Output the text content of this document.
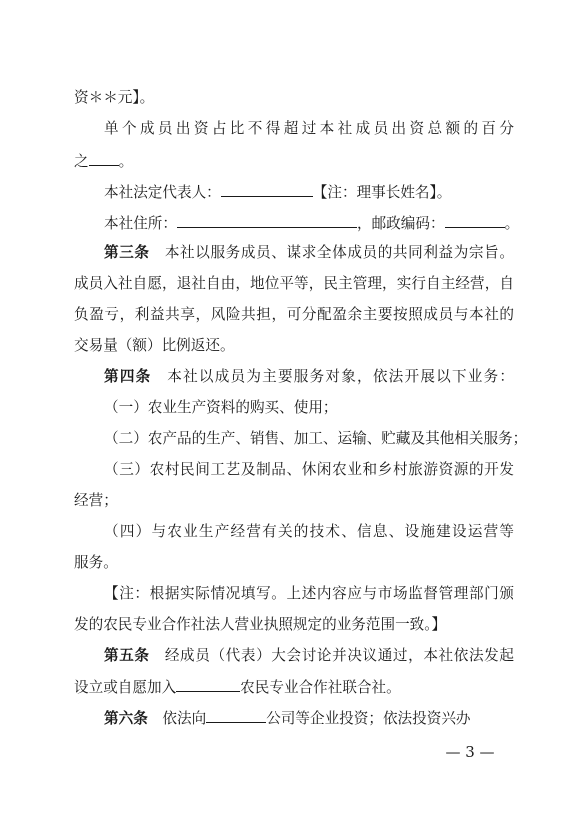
资＊＊元】。
单个成员出资占比不得超过本社成员出资总额的百分
之 。
本社法定代表人：	【注：理事长姓名】。
本社住所：	，邮政编码：	。
第三条　 本社以服务成员、谋求全体成员的共同利益为宗旨。
成员入社自愿，退社自由，地位平等，民主管理，实行自主经营，自
负盈亏，利益共享，风险共担，可分配盈余主要按照成员与本社的
交易量（额）比例返还。
第四条　 本社以成员为主要服务对象，依法开展以下业务：
（一）农业生产资料的购买、使用；
（二）农产品的生产、销售、加工、运输、贮藏及其他相关服务；
（三）农村民间工艺及制品、休闲农业和乡村旅游资源的开发
经营；
（四）与农业生产经营有关的技术、信息、设施建设运营等
服务。
【注：根据实际情况填写。上述内容应与市场监督管理部门颁
发的农民专业合作社法人营业执照规定的业务范围一致。】
第五条　 经成员（代表）大会讨论并决议通过，本社依法发起
设立或自愿加入	农民专业合作社联合社。
第六条　 依法向	公司等企业投资；依法投资兴办
— 3 —
